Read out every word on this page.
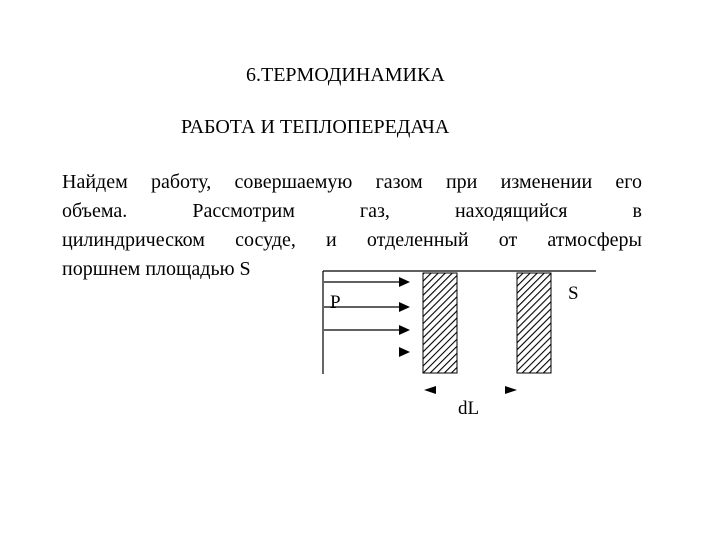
6.ТЕРМОДИНАМИКА
РАБОТА И ТЕПЛОПЕРЕДАЧА
Найдем работу, совершаемую газом при изменении его
объема. Рассмотрим газ, находящийся в
цилиндрическом сосуде, и отделенный от атмосферы
поршнем площадью S
P	S
dL
